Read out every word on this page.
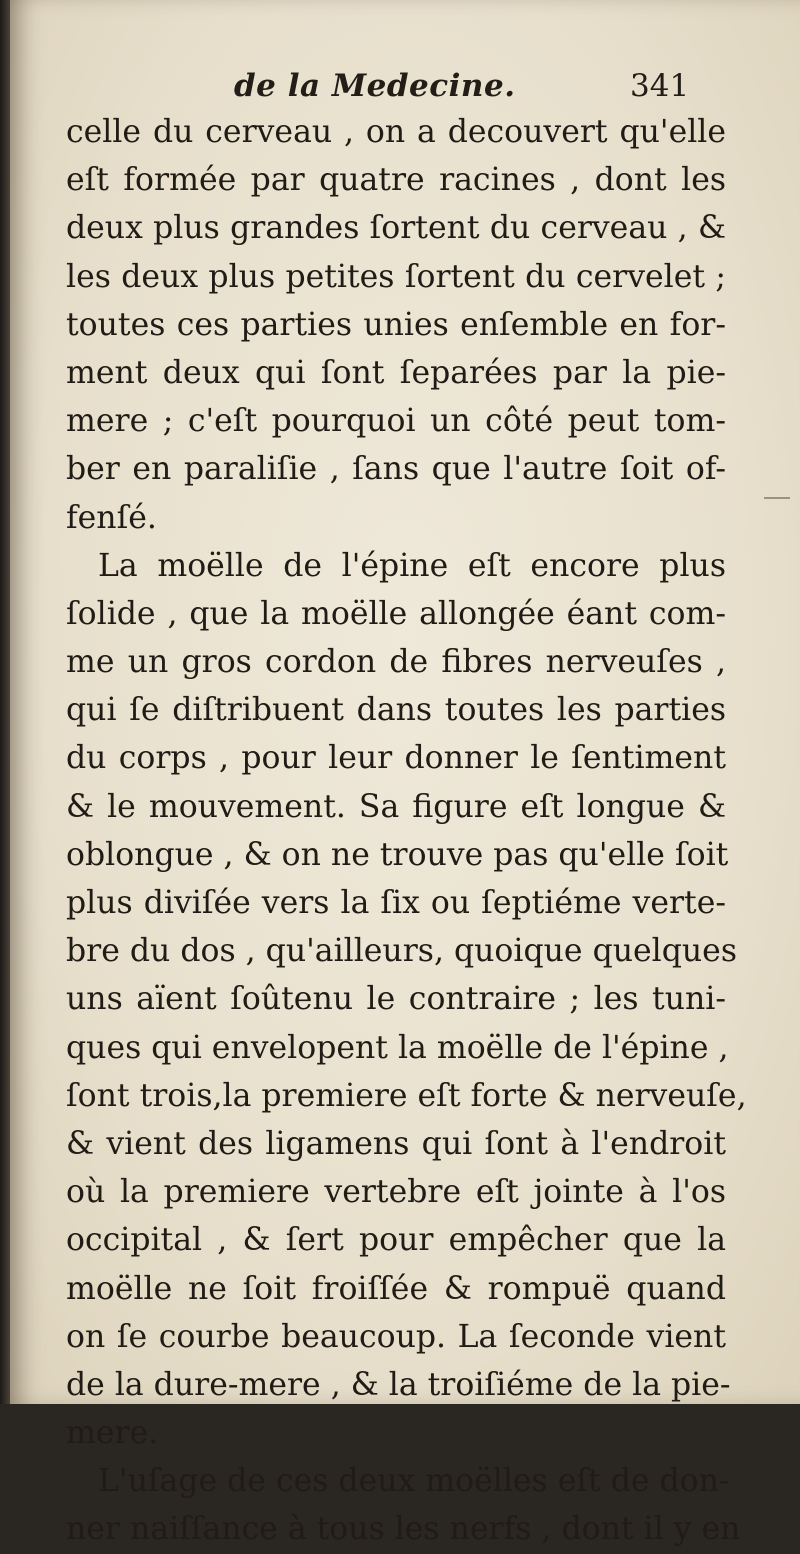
de la Medecine.	341
celle du cerveau , on a decouvert qu'elle
eſt formée par quatre racines , dont les
deux plus grandes ſortent du cerveau , &
les deux plus petites ſortent du cervelet ;
toutes ces parties unies enſemble en for-
ment deux qui ſont ſeparées par la pie-
mere ; c'eſt pourquoi un côté peut tom-
ber en paraliſie , ſans que l'autre ſoit of-
fenſé.
La moëlle de l'épine eſt encore plus
ſolide , que la moëlle allongée éant com-
me un gros cordon de fibres nerveuſes ,
qui ſe diſtribuent dans toutes les parties
du corps , pour leur donner le ſentiment
& le mouvement. Sa figure eſt longue &
oblongue , & on ne trouve pas qu'elle ſoit
plus diviſée vers la ſix ou ſeptiéme verte-
bre du dos , qu'ailleurs, quoique quelques
uns aïent ſoûtenu le contraire ; les tuni-
ques qui envelopent la moëlle de l'épine ,
ſont trois,la premiere eſt forte & nerveuſe,
& vient des ligamens qui ſont à l'endroit
où la premiere vertebre eſt jointe à l'os
occipital , & ſert pour empêcher que la
moëlle ne ſoit froiſſée & rompuë quand
on ſe courbe beaucoup. La ſeconde vient
de la dure-mere , & la troiſiéme de la pie-
mere.
L'uſage de ces deux moëlles eſt de don-
ner naiſſance à tous les nerfs , dont il y en
